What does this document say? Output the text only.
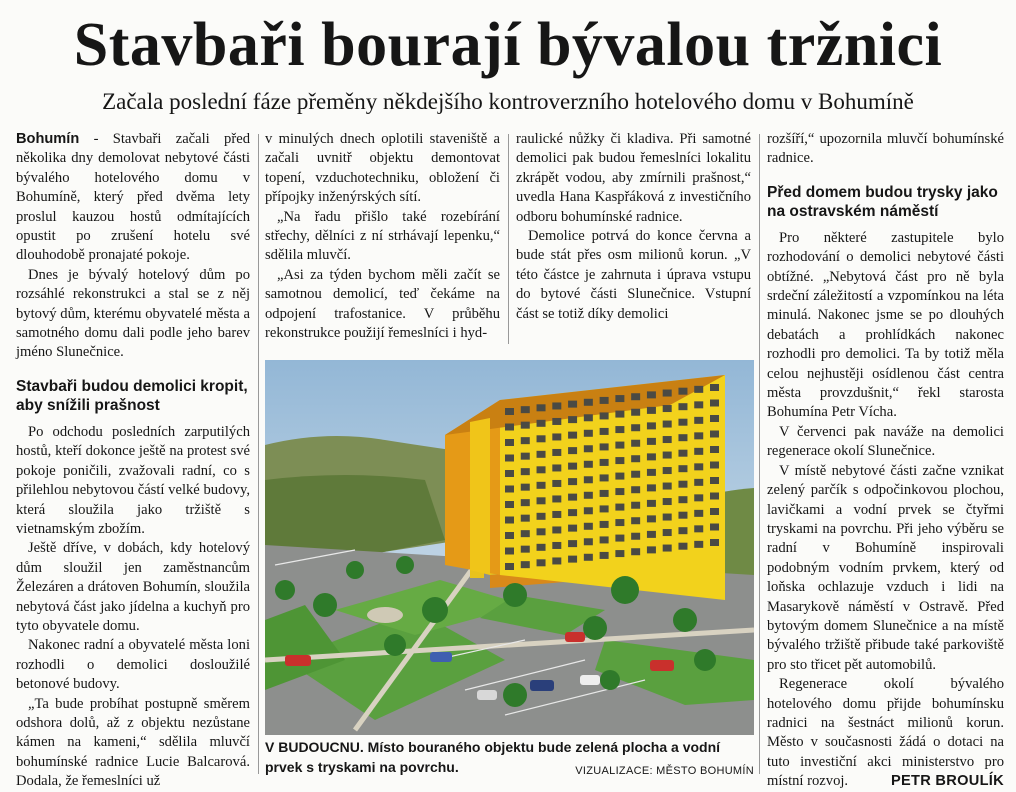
Stavbaři bourají bývalou tržnici
Začala poslední fáze přeměny někdejšího kontroverzního hotelového domu v Bohumíně

Bohumín - Stavbaři začali před několika dny demolovat nebytové části bývalého hotelového domu v Bohumíně, který před dvěma lety proslul kauzou hostů odmítajících opustit po zrušení hotelu své dlouhodobě pronajaté pokoje.

Dnes je bývalý hotelový dům po rozsáhlé rekonstrukci a stal se z něj bytový dům, kterému obyvatelé města a samotného domu dali podle jeho barev jméno Slunečnice.

Stavbaři budou demolici kropit, aby snížili prašnost

Po odchodu posledních zarputilých hostů, kteří dokonce ještě na protest své pokoje poničili, zvažovali radní, co s přilehlou nebytovou částí velké budovy, která sloužila jako tržiště s vietnamským zbožím.

Ještě dříve, v dobách, kdy hotelový dům sloužil jen zaměstnancům Železáren a drátoven Bohumín, sloužila nebytová část jako jídelna a kuchyň pro tyto obyvatele domu.

Nakonec radní a obyvatelé města loni rozhodli o demolici dosloužilé betonové budovy.

„Ta bude probíhat postupně směrem odshora dolů, až z objektu nezůstane kámen na kameni,“ sdělila mluvčí bohumínské radnice Lucie Balcarová. Dodala, že řemeslníci už

v minulých dnech oplotili staveniště a začali uvnitř objektu demontovat topení, vzduchotechniku, obložení či přípojky inženýrských sítí.

„Na řadu přišlo také rozebírání střechy, dělníci z ní strhávají lepenku,“ sdělila mluvčí.

„Asi za týden bychom měli začít se samotnou demolicí, teď čekáme na odpojení trafostanice. V průběhu rekonstrukce použijí řemeslníci i hyd-

raulické nůžky či kladiva. Při samotné demolici pak budou řemeslníci lokalitu zkrápět vodou, aby zmírnili prašnost,“ uvedla Hana Kaspřáková z investičního odboru bohumínské radnice.

Demolice potrvá do konce června a bude stát přes osm milionů korun. „V této částce je zahrnuta i úprava vstupu do bytové části Slunečnice. Vstupní část se totiž díky demolici

rozšíří,“ upozornila mluvčí bohumínské radnice.

Před domem budou trysky jako na ostravském náměstí

Pro některé zastupitele bylo rozhodování o demolici nebytové části obtížné. „Nebytová část pro ně byla srdeční záležitostí a vzpomínkou na léta minulá. Nakonec jsme se po dlouhých debatách a prohlídkách nakonec rozhodli pro demolici. Ta by totiž měla celou nejhustěji osídlenou část centra města provzdušnit,“ řekl starosta Bohumína Petr Vícha.

V červenci pak naváže na demolici regenerace okolí Slunečnice.

V místě nebytové části začne vznikat zelený parčík s odpočinkovou plochou, lavičkami a vodní prvek se čtyřmi tryskami na povrchu. Při jeho výběru se radní v Bohumíně inspirovali podobným vodním prvkem, který od loňska ochlazuje vzduch i lidi na Masarykově náměstí v Ostravě. Před bytovým domem Slunečnice a na místě bývalého tržiště přibude také parkoviště pro sto třicet pět automobilů.

Regenerace okolí bývalého hotelového domu přijde bohumínsku radnici na šestnáct milionů korun. Město v současnosti žádá o dotaci na tuto investiční akci ministerstvo pro místní rozvoj.	PETR BROULÍK

V BUDOUCNU. Místo bouraného objektu bude zelená plocha a vodní prvek s tryskami na povrchu.	VIZUALIZACE: MĚSTO BOHUMÍN
